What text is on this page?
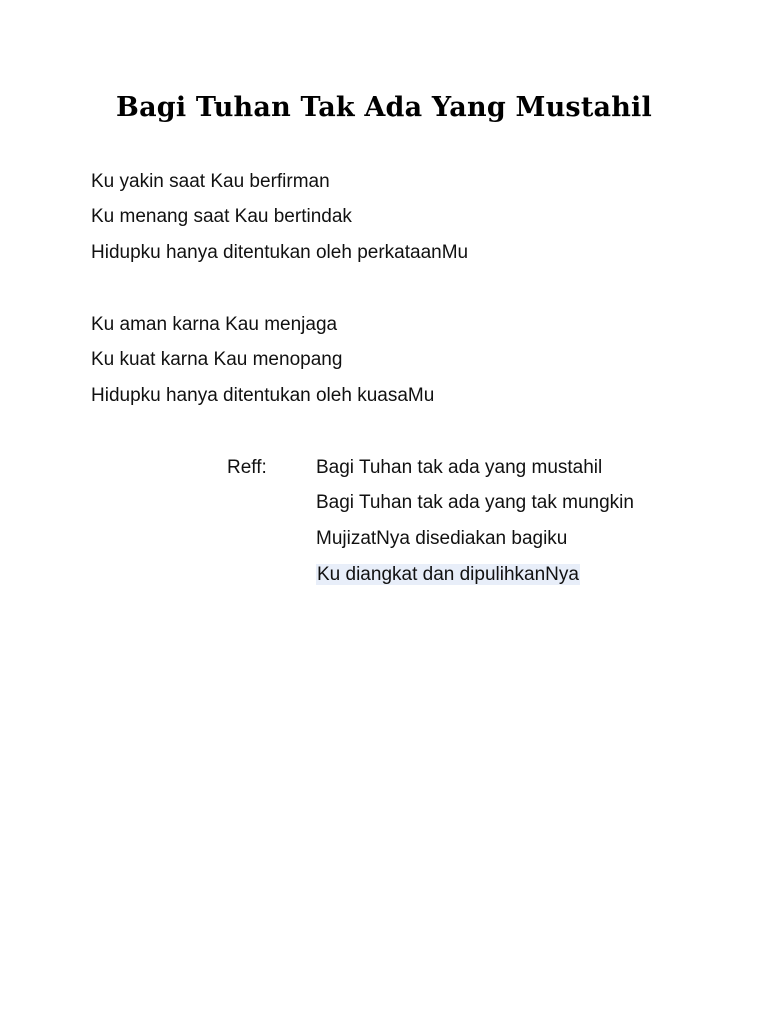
Bagi Tuhan Tak Ada Yang Mustahil

Ku yakin saat Kau berfirman

Ku menang saat Kau bertindak

Hidupku hanya ditentukan oleh perkataanMu

Ku aman karna Kau menjaga

Ku kuat karna Kau menopang

Hidupku hanya ditentukan oleh kuasaMu

Reff:	Bagi Tuhan tak ada yang mustahil

Bagi Tuhan tak ada yang tak mungkin

MujizatNya disediakan bagiku

Ku diangkat dan dipulihkanNya
